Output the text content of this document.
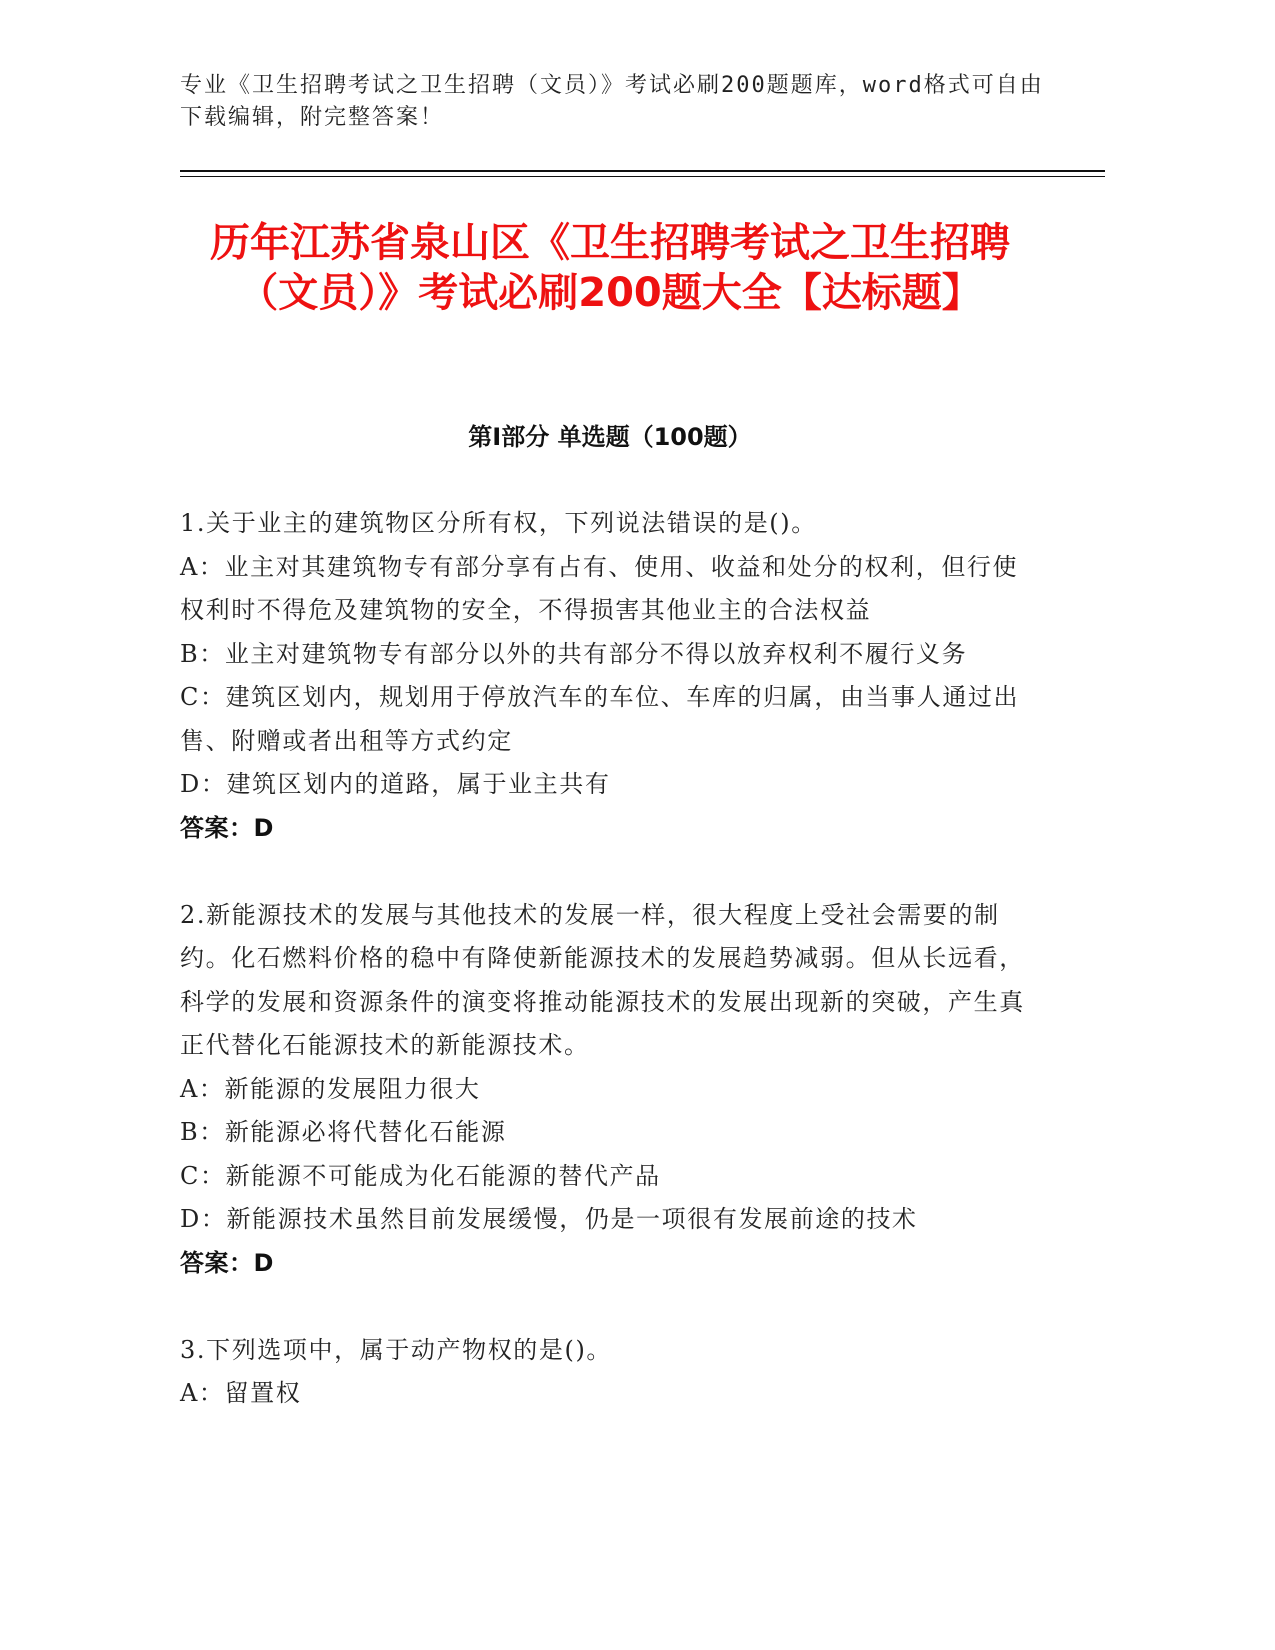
专业《卫生招聘考试之卫生招聘（文员）》考试必刷200题题库，word格式可自由下载编辑，附完整答案！
历年江苏省泉山区《卫生招聘考试之卫生招聘（文员）》考试必刷200题大全【达标题】
第I部分 单选题（100题）

1.关于业主的建筑物区分所有权，下列说法错误的是()。

A：业主对其建筑物专有部分享有占有、使用、收益和处分的权利，但行使权利时不得危及建筑物的安全，不得损害其他业主的合法权益

B：业主对建筑物专有部分以外的共有部分不得以放弃权利不履行义务

C：建筑区划内，规划用于停放汽车的车位、车库的归属，由当事人通过出售、附赠或者出租等方式约定

D：建筑区划内的道路，属于业主共有

答案：D

2.新能源技术的发展与其他技术的发展一样，很大程度上受社会需要的制约。化石燃料价格的稳中有降使新能源技术的发展趋势减弱。但从长远看，科学的发展和资源条件的演变将推动能源技术的发展出现新的突破，产生真正代替化石能源技术的新能源技术。

A：新能源的发展阻力很大

B：新能源必将代替化石能源

C：新能源不可能成为化石能源的替代产品

D：新能源技术虽然目前发展缓慢，仍是一项很有发展前途的技术

答案：D

3.下列选项中，属于动产物权的是()。

A：留置权
